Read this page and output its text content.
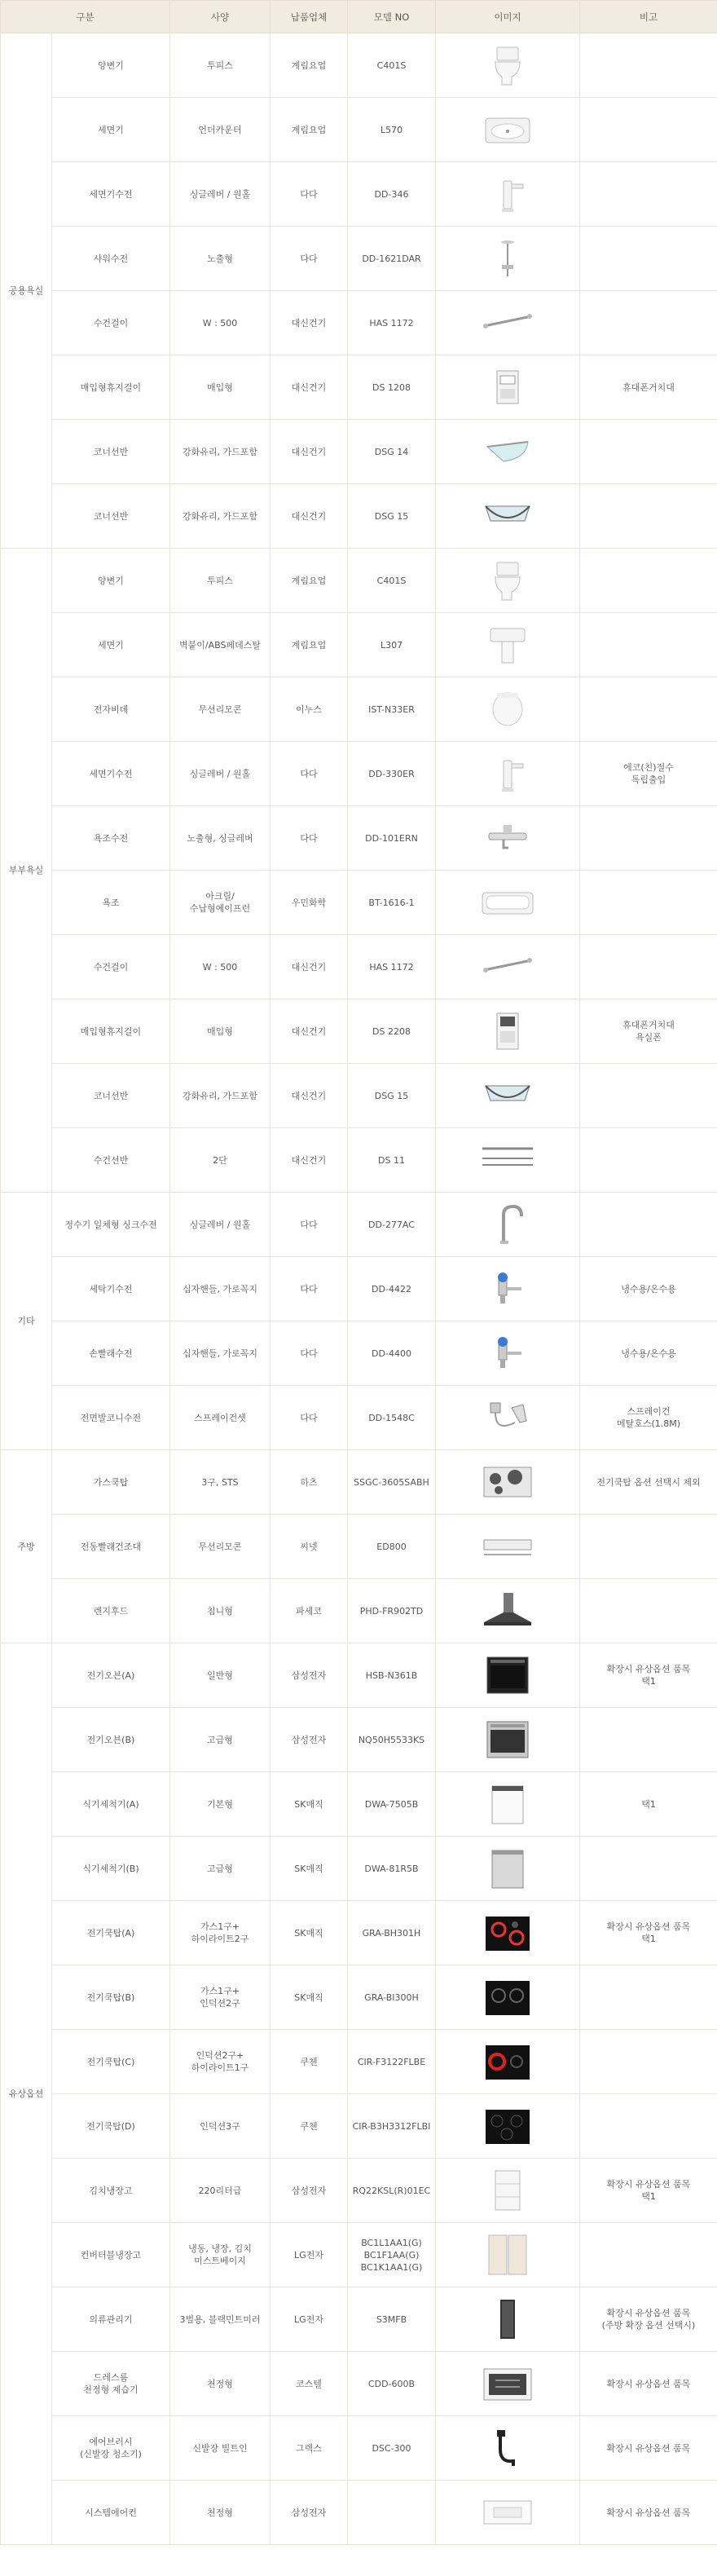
구분		사양	납품업체	모델 NO	이미지	비고
공용욕실	양변기	투피스	계림요업	C401S

	세면기	언더카운터	계림요업	L570

	세면기수전	싱글레버 / 원홀	다다	DD-346

	샤워수전	노출형	다다	DD-1621DAR

	수건걸이	W : 500	대신건기	HAS 1172

	매입형휴지걸이	매입형	대신건기	DS 1208		휴대폰거치대

	코너선반	강화유리, 가드포함	대신건기	DSG 14

	코너선반	강화유리, 가드포함	대신건기	DSG 15

부부욕실	양변기	투피스	계림요업	C401S

	세면기	벽붙이/ABS페데스탈	계림요업	L307

	전자비데	무선리모콘	이누스	IST-N33ER

	세면기수전	싱글레버 / 원홀	다다	DD-330ER		에코(친)절수
독립출입

	욕조수전	노출형, 싱글레버	다다	DD-101ERN

	욕조	아크릴/
수납형에이프런	우민화학	BT-1616-1

	수건걸이	W : 500	대신건기	HAS 1172

	매입형휴지걸이	매입형	대신건기	DS 2208		휴대폰거치대
욕실폰

	코너선반	강화유리, 가드포함	대신건기	DSG 15

	수건선반	2단	대신건기	DS 11

기타	정수기 일체형 싱크수전	싱글레버 / 원홀	다다	DD-277AC

	세탁기수전	십자핸들, 가로꼭지	다다	DD-4422		냉수용/온수용

	손빨래수전	십자핸들, 가로꼭지	다다	DD-4400		냉수용/온수용

	전면발코니수전	스프레이건셋	다다	DD-1548C		스프레이건
메탈호스(1.8M)

주방	가스쿡탑	3구, STS	하츠	SSGC-3605SABH		전기쿡탑 옵션 선택시 제외

	전동빨래건조대	무선리모콘	씨넷	ED800

	렌지후드	침니형	파세코	PHD-FR902TD

유상옵션	전기오븐(A)	일반형	삼성전자	HSB-N361B		확장시 유상옵션 품목
택1

	전기오븐(B)	고급형	삼성전자	NQ50H5533KS

	식기세척기(A)	기본형	SK매직	DWA-7505B		택1

	식기세척기(B)	고급형	SK매직	DWA-81R5B

	전기쿡탑(A)	가스1구+
하이라이트2구	SK매직	GRA-BH301H		확장시 유상옵션 품목
택1

	전기쿡탑(B)	가스1구+
인덕션2구	SK매직	GRA-BI300H

	전기쿡탑(C)	인덕션2구+
하이라이트1구	쿠첸	CIR-F3122FLBE

	전기쿡탑(D)	인덕션3구	쿠첸	CIR-B3H3312FLBI

	김치냉장고	220리터급	삼성전자	RQ22KSL(R)01EC		확장시 유상옵션 품목
택1

	컨버터블냉장고	냉동, 냉장, 김치
미스트베이지	LG전자	BC1L1AA1(G)
BC1F1AA(G)
BC1K1AA1(G)

	의류관리기	3벌용, 블랙민트미러	LG전자	S3MFB		확장시 유상옵션 품목
(주방 확장 옵션 선택시)

	드레스룸
천정형 제습기	천정형	코스텔	CDD-600B		확장시 유상옵션 품목

	에어브러시
(신발장 청소기)	신발장 빌트인	그렉스	DSC-300		확장시 유상옵션 품목

	시스템에어컨	천정형	삼성전자			확장시 유상옵션 품목
